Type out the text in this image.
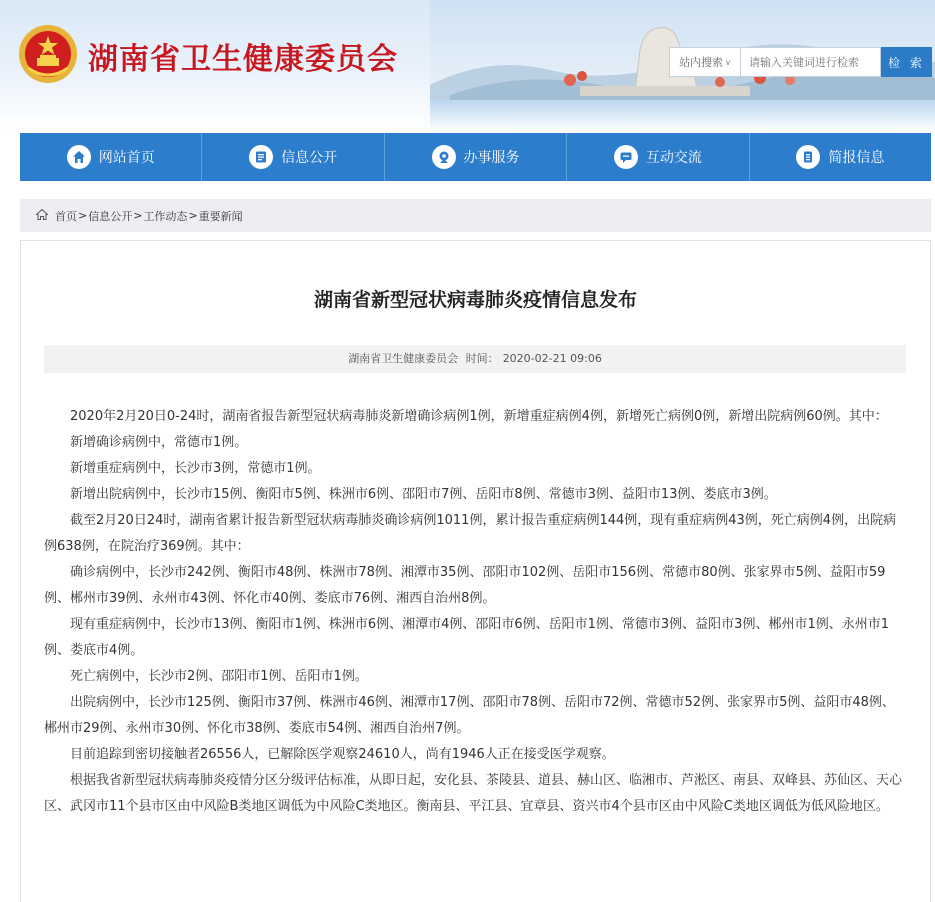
湖南省卫生健康委员会	站内搜索 ∨
请输入关键词进行检索	检 索
网站首页	信息公开	办事服务	互动交流	简报信息
首页 > 信息公开 > 工作动态 > 重要新闻
湖南省新型冠状病毒肺炎疫情信息发布
湖南省卫生健康委员会 时间： 2020-02-21 09:06

2020年2月20日0-24时，湖南省报告新型冠状病毒肺炎新增确诊病例1例，新增重症病例4例，新增死亡病例0例，新增出院病例60例。其中：

新增确诊病例中，常德市1例。

新增重症病例中，长沙市3例，常德市1例。

新增出院病例中，长沙市15例、衡阳市5例、株洲市6例、邵阳市7例、岳阳市8例、常德市3例、益阳市13例、娄底市3例。

截至2月20日24时，湖南省累计报告新型冠状病毒肺炎确诊病例1011例，累计报告重症病例144例，现有重症病例43例，死亡病例4例，出院病例638例，在院治疗369例。其中：

确诊病例中，长沙市242例、衡阳市48例、株洲市78例、湘潭市35例、邵阳市102例、岳阳市156例、常德市80例、张家界市5例、益阳市59例、郴州市39例、永州市43例、怀化市40例、娄底市76例、湘西自治州8例。

现有重症病例中，长沙市13例、衡阳市1例、株洲市6例、湘潭市4例、邵阳市6例、岳阳市1例、常德市3例、益阳市3例、郴州市1例、永州市1例、娄底市4例。

死亡病例中，长沙市2例、邵阳市1例、岳阳市1例。

出院病例中，长沙市125例、衡阳市37例、株洲市46例、湘潭市17例、邵阳市78例、岳阳市72例、常德市52例、张家界市5例、益阳市48例、郴州市29例、永州市30例、怀化市38例、娄底市54例、湘西自治州7例。

目前追踪到密切接触者26556人，已解除医学观察24610人，尚有1946人正在接受医学观察。

根据我省新型冠状病毒肺炎疫情分区分级评估标准，从即日起，安化县、茶陵县、道县、赫山区、临湘市、芦淞区、南县、双峰县、苏仙区、天心区、武冈市11个县市区由中风险B类地区调低为中风险C类地区。衡南县、平江县、宜章县、资兴市4个县市区由中风险C类地区调低为低风险地区。
